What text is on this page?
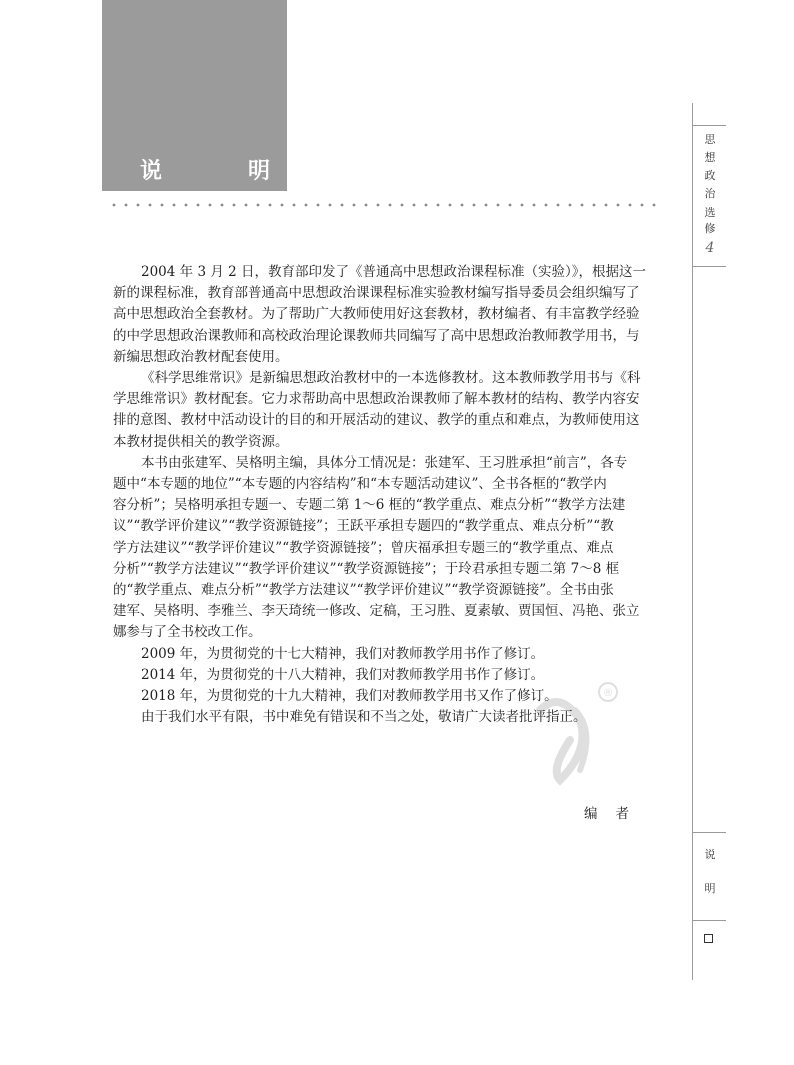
说	明
思
想
政
治
选
修
4
说
明
®
2004 年 3 月 2 日，教育部印发了《普通高中思想政治课程标准（实验）》，根据这一
新的课程标准，教育部普通高中思想政治课课程标准实验教材编写指导委员会组织编写了
高中思想政治全套教材。为了帮助广大教师使用好这套教材，教材编者、有丰富教学经验
的中学思想政治课教师和高校政治理论课教师共同编写了高中思想政治教师教学用书，与
新编思想政治教材配套使用。
《科学思维常识》是新编思想政治教材中的一本选修教材。这本教师教学用书与《科
学思维常识》教材配套。它力求帮助高中思想政治课教师了解本教材的结构、教学内容安
排的意图、教材中活动设计的目的和开展活动的建议、教学的重点和难点，为教师使用这
本教材提供相关的教学资源。
本书由张建军、吴格明主编，具体分工情况是：张建军、王习胜承担“前言”，各专
题中“本专题的地位”“本专题的内容结构”和“本专题活动建议”、全书各框的“教学内
容分析”；吴格明承担专题一、专题二第 1～6 框的“教学重点、难点分析”“教学方法建
议”“教学评价建议”“教学资源链接”；王跃平承担专题四的“教学重点、难点分析”“教
学方法建议”“教学评价建议”“教学资源链接”；曾庆福承担专题三的“教学重点、难点
分析”“教学方法建议”“教学评价建议”“教学资源链接”；于玲君承担专题二第 7～8 框
的“教学重点、难点分析”“教学方法建议”“教学评价建议”“教学资源链接”。全书由张
建军、吴格明、李雅兰、李天琦统一修改、定稿，王习胜、夏素敏、贾国恒、冯艳、张立
娜参与了全书校改工作。
2009 年，为贯彻党的十七大精神，我们对教师教学用书作了修订。
2014 年，为贯彻党的十八大精神，我们对教师教学用书作了修订。
2018 年，为贯彻党的十九大精神，我们对教师教学用书又作了修订。
由于我们水平有限，书中难免有错误和不当之处，敬请广大读者批评指正。
编者
